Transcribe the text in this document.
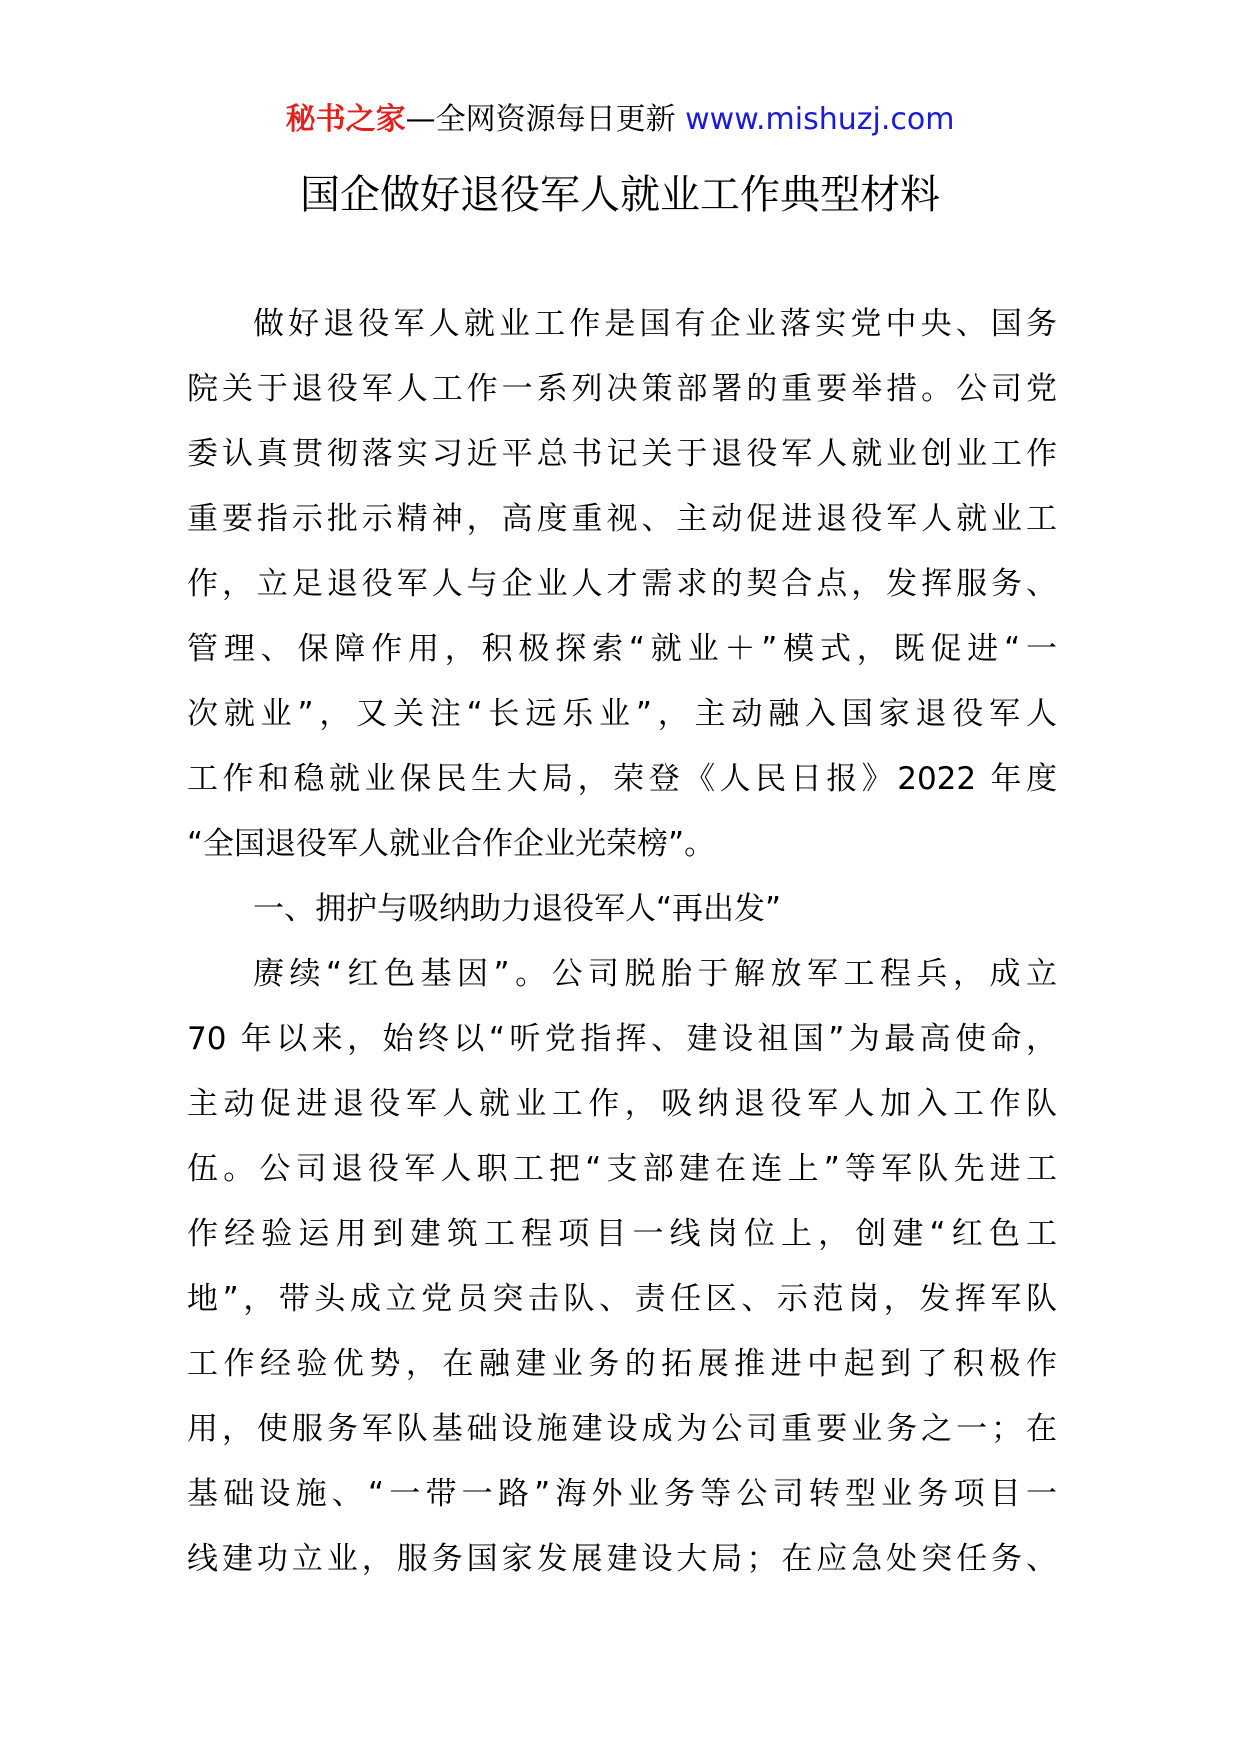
秘书之家—全网资源每日更新 www.mishuzj.com
国企做好退役军人就业工作典型材料
做好退役军人就业工作是国有企业落实党中央、国务
院关于退役军人工作一系列决策部署的重要举措。公司党
委认真贯彻落实习近平总书记关于退役军人就业创业工作
重要指示批示精神，高度重视、主动促进退役军人就业工
作，立足退役军人与企业人才需求的契合点，发挥服务、
管理、保障作用，积极探索“就业＋”模式，既促进“一
次就业”，又关注“长远乐业”，主动融入国家退役军人
工作和稳就业保民生大局，荣登《人民日报》2022 年度
“全国退役军人就业合作企业光荣榜”。
一、拥护与吸纳助力退役军人“再出发”
赓续“红色基因”。公司脱胎于解放军工程兵，成立
70 年以来，始终以“听党指挥、建设祖国”为最高使命，
主动促进退役军人就业工作，吸纳退役军人加入工作队
伍。公司退役军人职工把“支部建在连上”等军队先进工
作经验运用到建筑工程项目一线岗位上，创建“红色工
地”，带头成立党员突击队、责任区、示范岗，发挥军队
工作经验优势，在融建业务的拓展推进中起到了积极作
用，使服务军队基础设施建设成为公司重要业务之一；在
基础设施、“一带一路”海外业务等公司转型业务项目一
线建功立业，服务国家发展建设大局；在应急处突任务、
